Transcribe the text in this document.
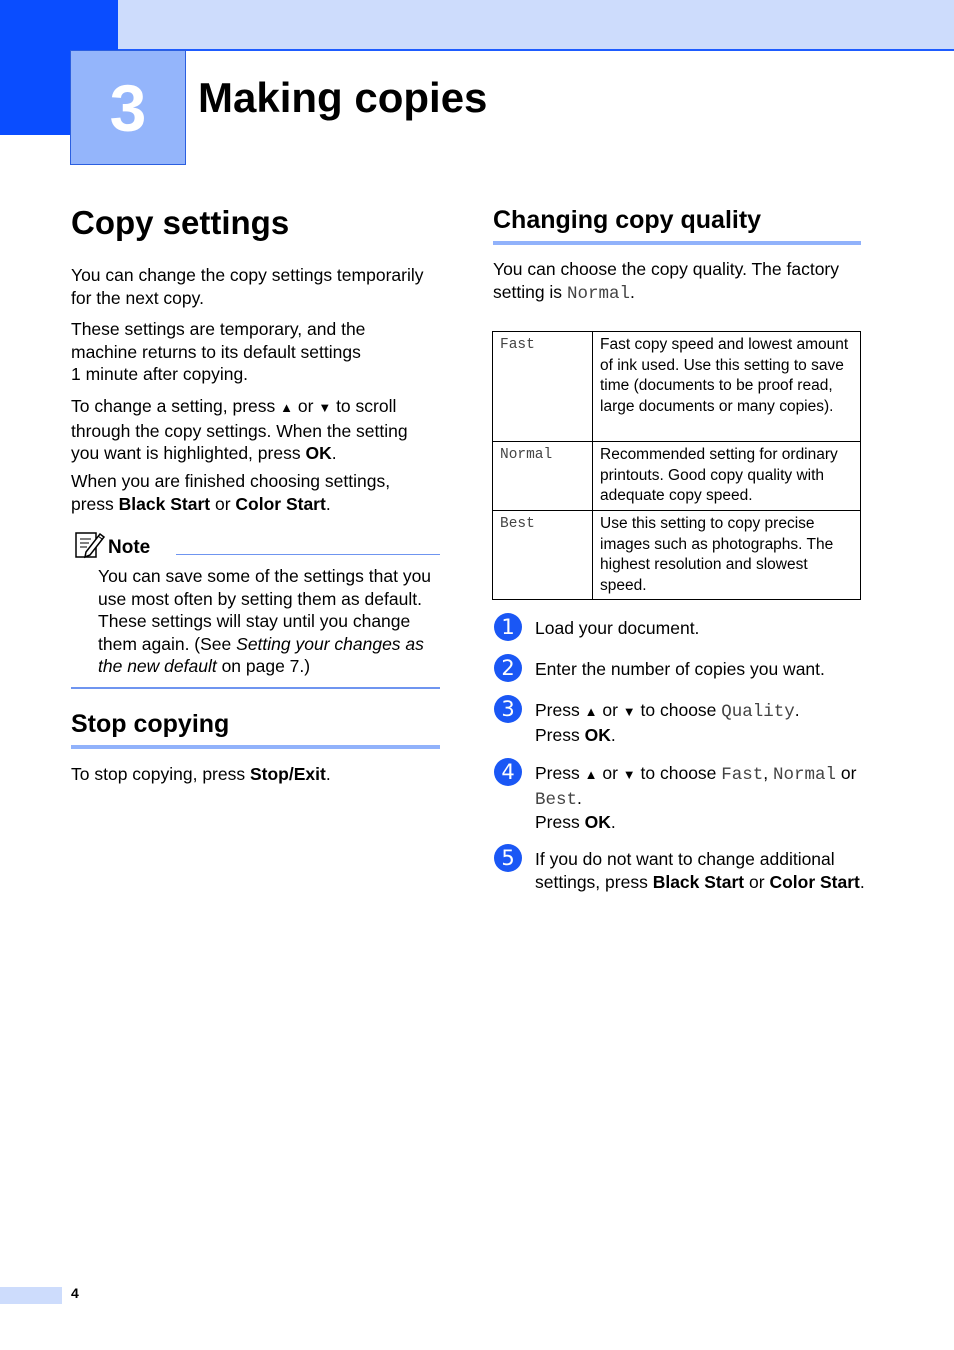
3 Making copies
Copy settings
You can change the copy settings temporarily for the next copy.
These settings are temporary, and the
machine returns to its default settings
1 minute after copying.
To change a setting, press ▲ or ▼ to scroll through the copy settings. When the setting you want is highlighted, press OK.
When you are finished choosing settings, press Black Start or Color Start.
Note
You can save some of the settings that you use most often by setting them as default. These settings will stay until you change them again. (See Setting your changes as the new default on page 7.)
Stop copying
To stop copying, press Stop/Exit.
Changing copy quality
You can choose the copy quality. The factory setting is Normal.
Fast	Fast copy speed and lowest amount of ink used. Use this setting to save time (documents to be proof read, large documents or many copies).
Normal	Recommended setting for ordinary printouts. Good copy quality with adequate copy speed.
Best	Use this setting to copy precise images such as photographs. The highest resolution and slowest speed.
1	Load your document.
2	Enter the number of copies you want.
3	Press ▲ or ▼ to choose Quality.
Press OK.
4	Press ▲ or ▼ to choose Fast, Normal or Best.
Press OK.
5	If you do not want to change additional settings, press Black Start or Color Start.
4
